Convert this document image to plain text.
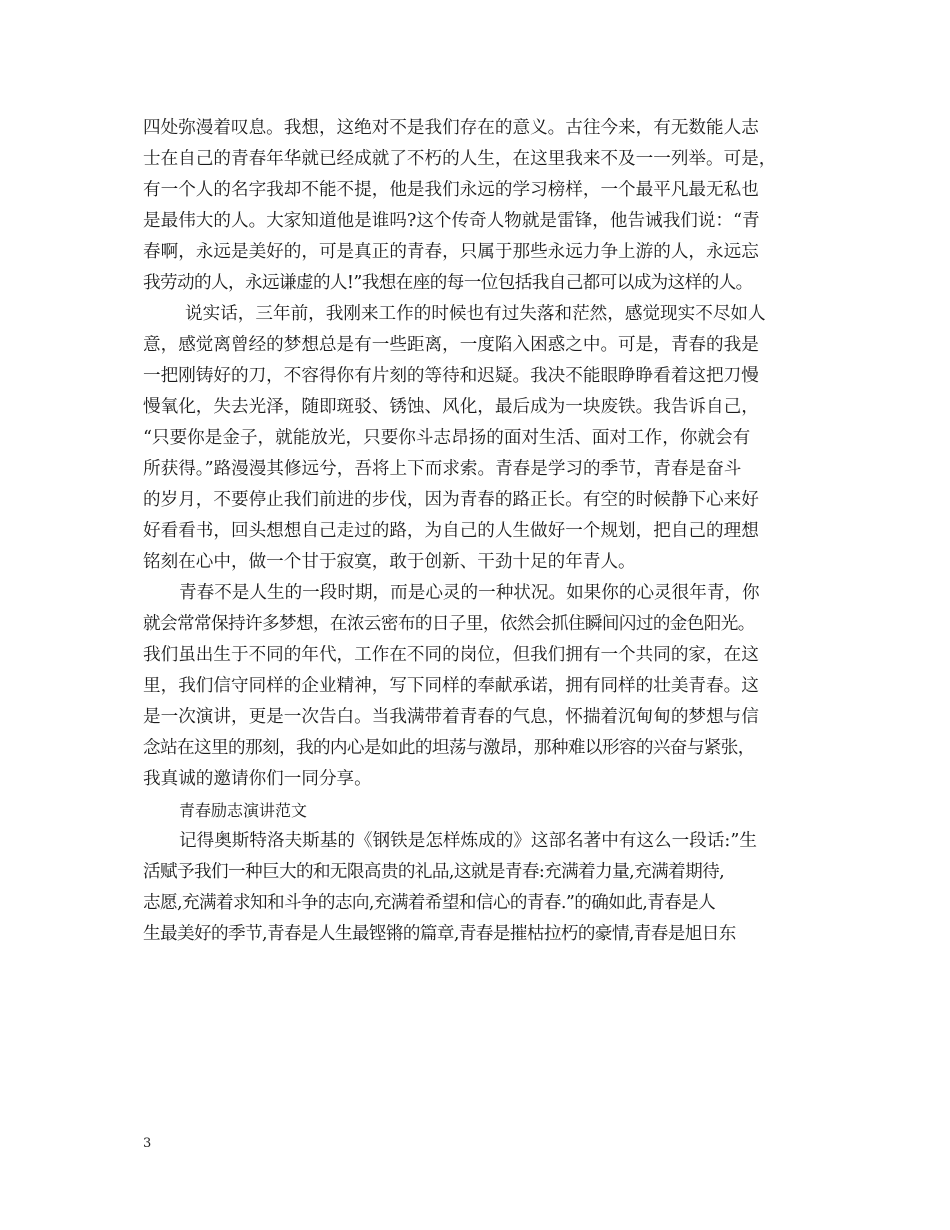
四处弥漫着叹息。我想，这绝对不是我们存在的意义。古往今来，有无数能人志
士在自己的青春年华就已经成就了不朽的人生，在这里我来不及一一列举。可是，
有一个人的名字我却不能不提，他是我们永远的学习榜样，一个最平凡最无私也
是最伟大的人。大家知道他是谁吗?这个传奇人物就是雷锋，他告诫我们说：“青
春啊，永远是美好的，可是真正的青春，只属于那些永远力争上游的人，永远忘
我劳动的人，永远谦虚的人!”我想在座的每一位包括我自己都可以成为这样的人。
说实话，三年前，我刚来工作的时候也有过失落和茫然，感觉现实不尽如人
意，感觉离曾经的梦想总是有一些距离，一度陷入困惑之中。可是，青春的我是
一把刚铸好的刀，不容得你有片刻的等待和迟疑。我决不能眼睁睁看着这把刀慢
慢氧化，失去光泽，随即斑驳、锈蚀、风化，最后成为一块废铁。我告诉自己，
“只要你是金子，就能放光，只要你斗志昂扬的面对生活、面对工作，你就会有
所获得。”路漫漫其修远兮，吾将上下而求索。青春是学习的季节，青春是奋斗
的岁月，不要停止我们前进的步伐，因为青春的路正长。有空的时候静下心来好
好看看书，回头想想自己走过的路，为自己的人生做好一个规划，把自己的理想
铭刻在心中，做一个甘于寂寞，敢于创新、干劲十足的年青人。
青春不是人生的一段时期，而是心灵的一种状况。如果你的心灵很年青，你
就会常常保持许多梦想，在浓云密布的日子里，依然会抓住瞬间闪过的金色阳光。
我们虽出生于不同的年代，工作在不同的岗位，但我们拥有一个共同的家，在这
里，我们信守同样的企业精神，写下同样的奉献承诺，拥有同样的壮美青春。这
是一次演讲，更是一次告白。当我满带着青春的气息，怀揣着沉甸甸的梦想与信
念站在这里的那刻，我的内心是如此的坦荡与激昂，那种难以形容的兴奋与紧张，
我真诚的邀请你们一同分享。
青春励志演讲范文
记得奥斯特洛夫斯基的《钢铁是怎样炼成的》这部名著中有这么一段话:”生
活赋予我们一种巨大的和无限高贵的礼品,这就是青春:充满着力量,充满着期待,
志愿,充满着求知和斗争的志向,充满着希望和信心的青春.”的确如此,青春是人
生最美好的季节,青春是人生最铿锵的篇章,青春是摧枯拉朽的豪情,青春是旭日东
3
